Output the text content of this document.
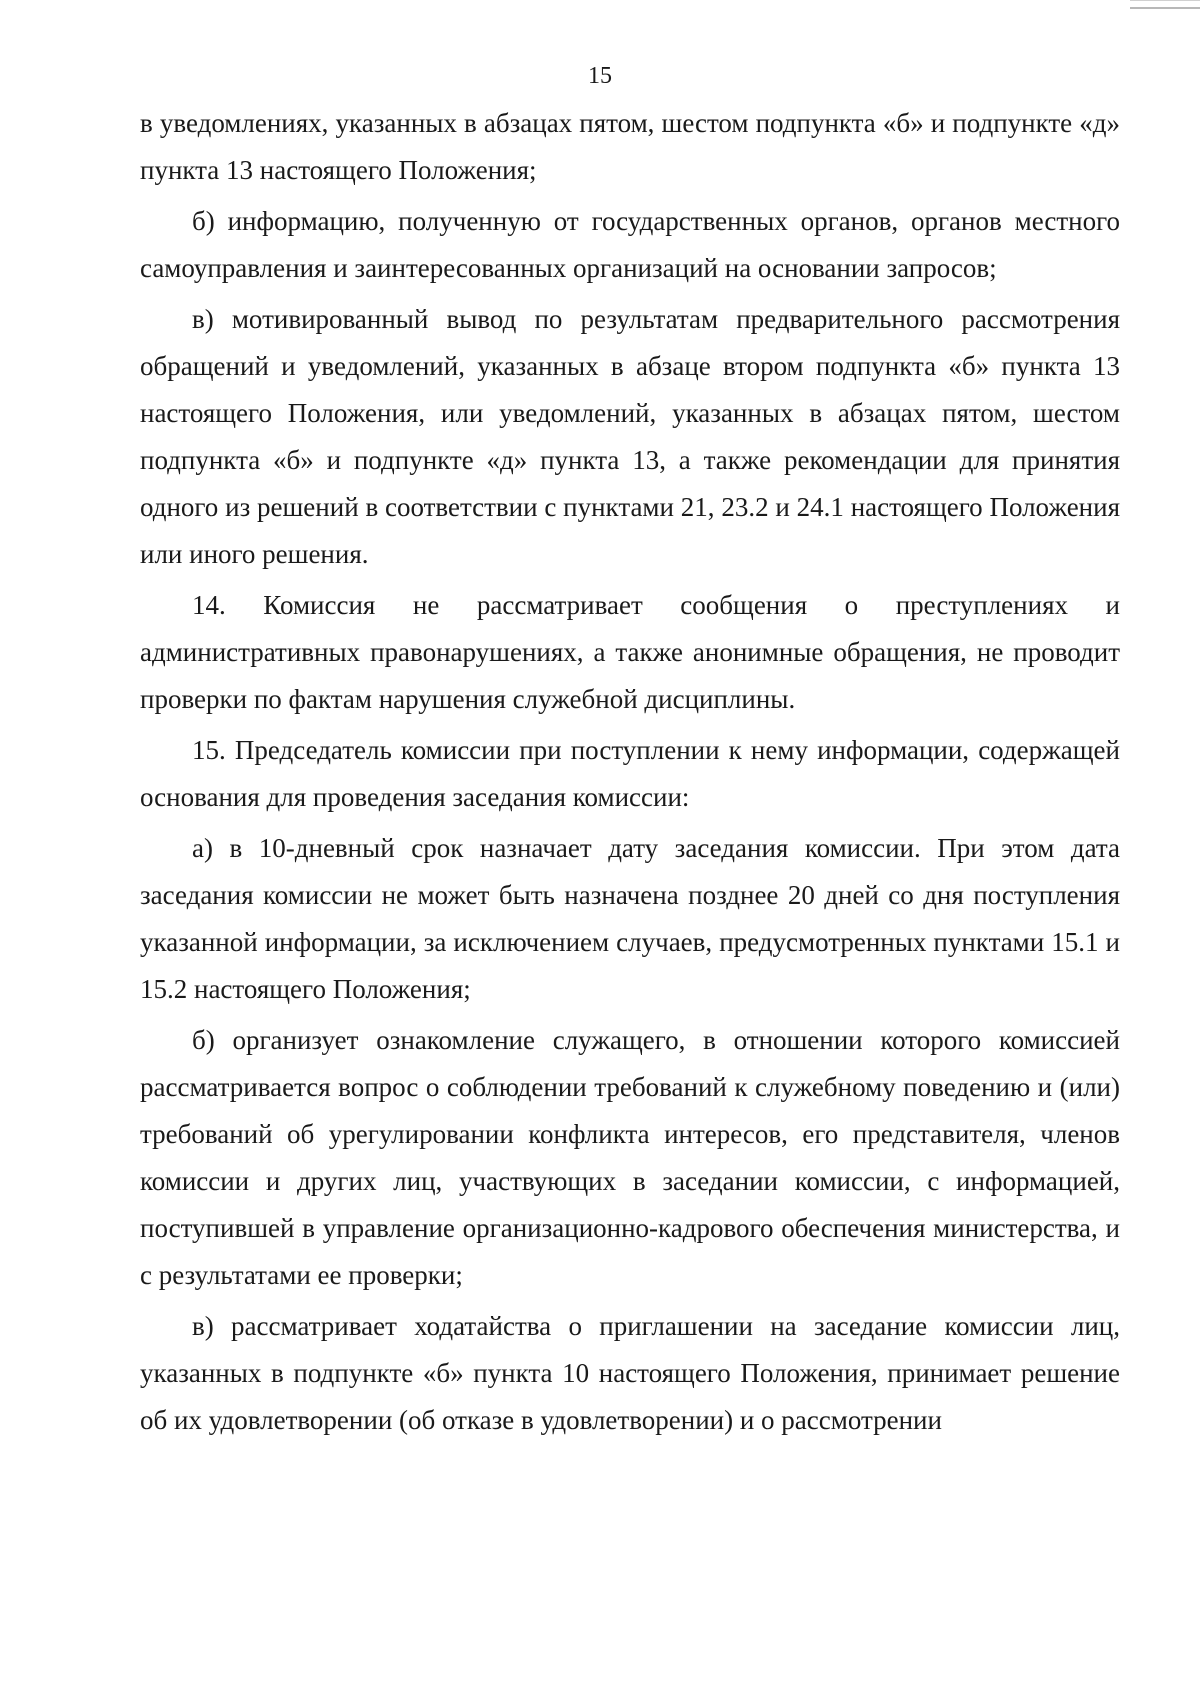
15

в уведомлениях, указанных в абзацах пятом, шестом подпункта «б» и подпункте «д» пункта 13 настоящего Положения;

б) информацию, полученную от государственных органов, органов местного самоуправления и заинтересованных организаций на основании запросов;

в) мотивированный вывод по результатам предварительного рассмотрения обращений и уведомлений, указанных в абзаце втором подпункта «б» пункта 13 настоящего Положения, или уведомлений, указанных в абзацах пятом, шестом подпункта «б» и подпункте «д» пункта 13, а также рекомендации для принятия одного из решений в соответствии с пунктами 21, 23.2 и 24.1 настоящего Положения или иного решения.

14. Комиссия не рассматривает сообщения о преступлениях и административных правонарушениях, а также анонимные обращения, не проводит проверки по фактам нарушения служебной дисциплины.

15. Председатель комиссии при поступлении к нему информации, содержащей основания для проведения заседания комиссии:

а) в 10-дневный срок назначает дату заседания комиссии. При этом дата заседания комиссии не может быть назначена позднее 20 дней со дня поступления указанной информации, за исключением случаев, предусмотренных пунктами 15.1 и 15.2 настоящего Положения;

б) организует ознакомление служащего, в отношении которого комиссией рассматривается вопрос о соблюдении требований к служебному поведению и (или) требований об урегулировании конфликта интересов, его представителя, членов комиссии и других лиц, участвующих в заседании комиссии, с информацией, поступившей в управление организационно-кадрового обеспечения министерства, и с результатами ее проверки;

в) рассматривает ходатайства о приглашении на заседание комиссии лиц, указанных в подпункте «б» пункта 10 настоящего Положения, принимает решение об их удовлетворении (об отказе в удовлетворении) и о рассмотрении
